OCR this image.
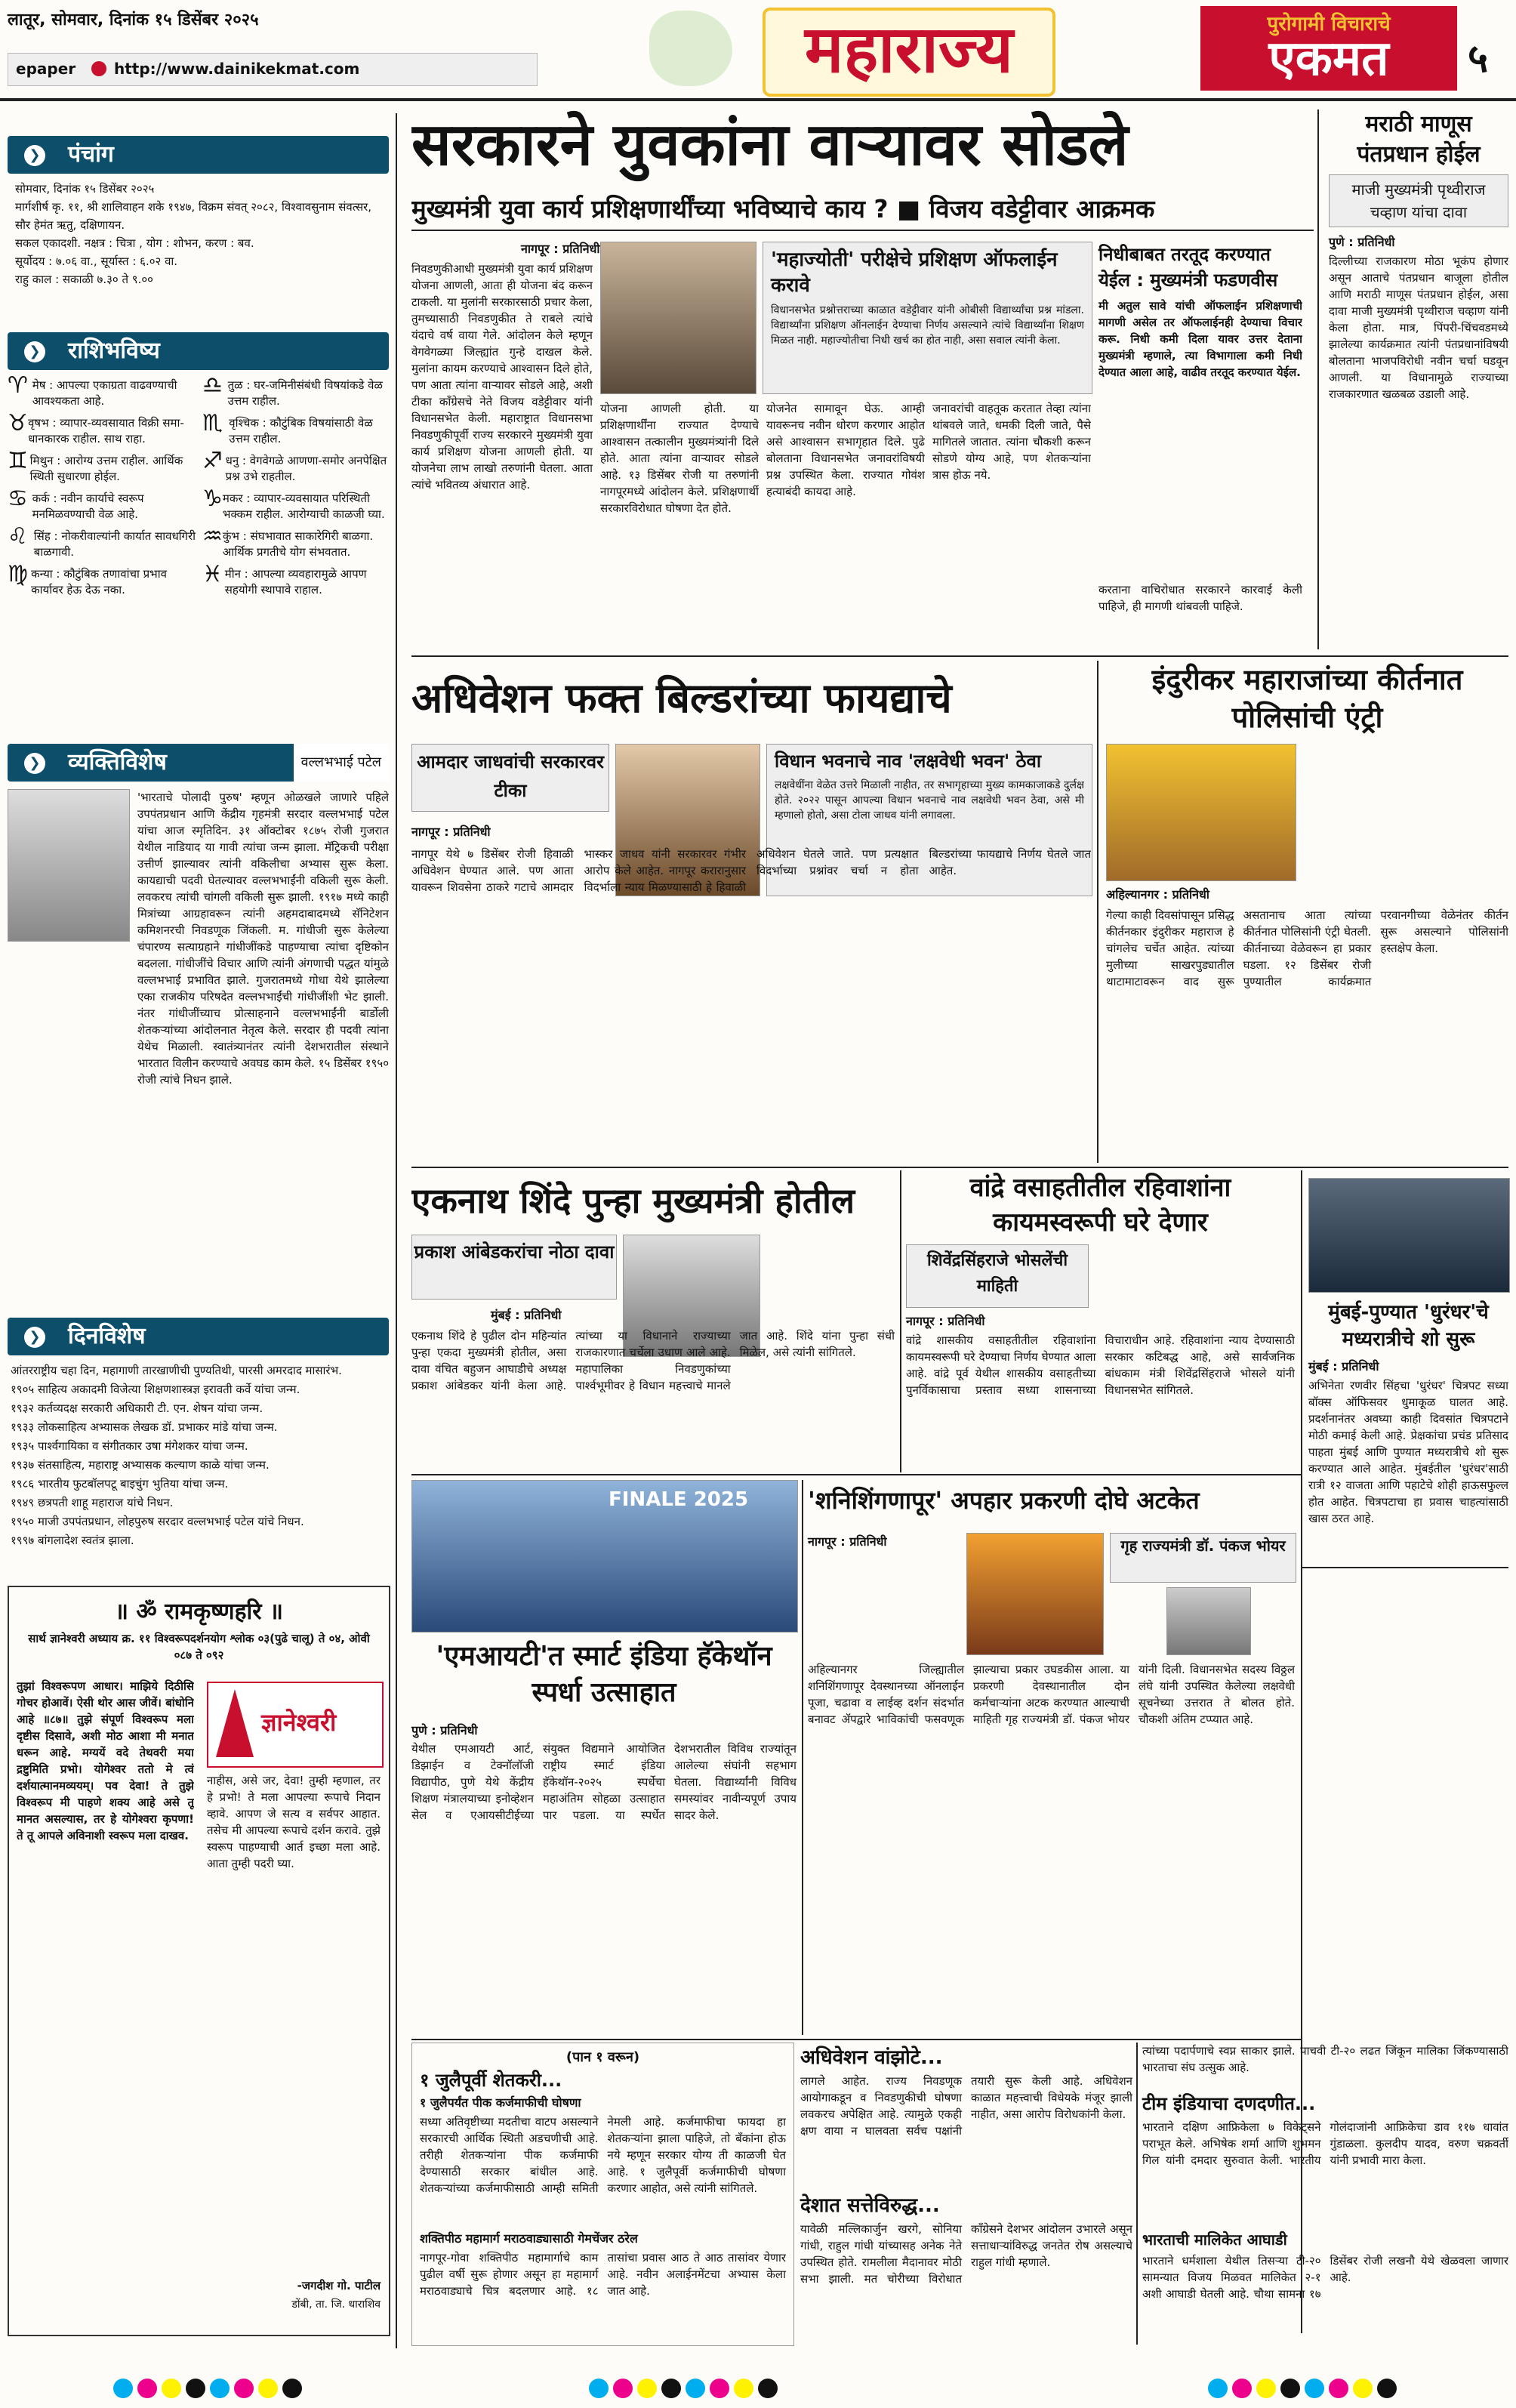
लातूर, सोमवार, दिनांक १५ डिसेंबर २०२५
epaper	http://www.dainikekmat.com	महाराज्य	पुरोगामी विचाराचे
एकमत	५
❯ पंचांग
सोमवार, दिनांक १५ डिसेंबर २०२५
मार्गशीर्ष कृ. ११, श्री शालिवाहन शके १९४७, विक्रम संवत् २०८२, विश्वावसुनाम संवत्सर, सौर हेमंत ऋतु, दक्षिणायन.
सकल एकादशी. नक्षत्र : चित्रा , योग : शोभन, करण : बव.
सूर्योदय : ७.०६ वा., सूर्यास्त : ६.०२ वा.
राहु काल : सकाळी ७.३० ते ९.००
❯ राशिभविष्य
♈ मेष : आपल्या एकाग्रता वाढवण्याची आवश्यकता आहे.
♉ वृषभ : व्यापार-व्यवसायात विक्री समा-धानकारक राहील. साथ राहा.
♊ मिथुन : आरोग्य उत्तम राहील. आर्थिक स्थिती सुधारणा होईल.
♋ कर्क : नवीन कार्याचे स्वरूप मनमिळवण्याची वेळ आहे.
♌ सिंह : नोकरीवाल्यांनी कार्यात सावधगिरी बाळगावी.
♍ कन्या : कौटुंबिक तणावांचा प्रभाव कार्यावर हेऊ देऊ नका.
♎ तुळ : घर-जमिनीसंबंधी विषयांकडे वेळ उत्तम राहील.
♏ वृश्चिक : कौटुंबिक विषयांसाठी वेळ उत्तम राहील.
♐ धनु : वेगवेगळे आणणा-समोर अनपेक्षित प्रश्न उभे राहतील.
♑ मकर : व्यापार-व्यवसायात परिस्थिती भक्कम राहील. आरोग्याची काळजी घ्या.
♒ कुंभ : संघभावात साकारेगिरी बाळगा. आर्थिक प्रगतीचे योग संभवतात.
♓ मीन : आपल्या व्यवहारामुळे आपण सहयोगी स्थापावे राहाल.
❯ व्यक्तिविशेष	वल्लभभाई पटेल
'भारताचे पोलादी पुरुष' म्हणून ओळखले जाणारे पहिले उपपंतप्रधान आणि केंद्रीय गृहमंत्री सरदार वल्लभभाई पटेल यांचा आज स्मृतिदिन. ३१ ऑक्टोबर १८७५ रोजी गुजरात येथील नाडियाद या गावी त्यांचा जन्म झाला. मॅट्रिकची परीक्षा उत्तीर्ण झाल्यावर त्यांनी वकिलीचा अभ्यास सुरू केला. कायद्याची पदवी घेतल्यावर वल्लभभाईंनी वकिली सुरू केली. लवकरच त्यांची चांगली वकिली सुरू झाली. १९१७ मध्ये काही मित्रांच्या आग्रहावरून त्यांनी अहमदाबादमध्ये सॅनिटेशन कमिशनरची निवडणूक जिंकली. म. गांधीजी सुरू केलेल्या चंपारण्य सत्याग्रहाने गांधीजींकडे पाहण्याचा त्यांचा दृष्टिकोन बदलला. गांधीजींचे विचार आणि त्यांनी अंगणाची पद्धत यांमुळे वल्लभभाई प्रभावित झाले. गुजरातमध्ये गोधा येथे झालेल्या एका राजकीय परिषदेत वल्लभभाईंची गांधीजींशी भेट झाली. नंतर गांधीजींच्याच प्रोत्साहनाने वल्लभभाईंनी बार्डोली शेतकऱ्यांच्या आंदोलनात नेतृत्व केले. सरदार ही पदवी त्यांना येथेच मिळाली. स्वातंत्र्यानंतर त्यांनी देशभरातील संस्थाने भारतात विलीन करण्याचे अवघड काम केले. १५ डिसेंबर १९५० रोजी त्यांचे निधन झाले.
❯ दिनविशेष
आंतरराष्ट्रीय चहा दिन, महागाणी तारखाणीची पुण्यतिथी, पारसी अमरदाद मासारंभ.
१९०५ साहित्य अकादमी विजेत्या शिक्षणशास्त्रज्ञ इरावती कर्वे यांचा जन्म.
१९३२ कर्तव्यदक्ष सरकारी अधिकारी टी. एन. शेषन यांचा जन्म.
१९३३ लोकसाहित्य अभ्यासक लेखक डॉ. प्रभाकर मांडे यांचा जन्म.
१९३५ पार्श्वगायिका व संगीतकार उषा मंगेशकर यांचा जन्म.
१९३७ संतसाहित्य, महाराष्ट्र अभ्यासक कल्याण काळे यांचा जन्म.
१९८६ भारतीय फुटबॉलपटू बाइचुंग भुतिया यांचा जन्म.
१९४९ छत्रपती शाहू महाराज यांचे निधन.
१९५० माजी उपपंतप्रधान, लोहपुरुष सरदार वल्लभभाई पटेल यांचे निधन.
१९९७ बांगलादेश स्वतंत्र झाला.
॥ ॐ रामकृष्णहरि ॥
सार्थ ज्ञानेश्वरी अध्याय क्र. ११ विश्वरूपदर्शनयोग श्लोक ०३(पुढे चालू) ते ०४, ओवी ०८७ ते ०९२
तुझां विश्वरूपण आधार। माझिये दिठीसि गोचर होआवें। ऐसी थोर आस जीवें। बांधोनि आहे ॥८७॥ तुझे संपूर्ण विश्वरूप मला दृष्टीस दिसावे, अशी मोठ आशा मी मनात धरून आहे. मग्ययें वदे तेथवरी मया द्रष्टुमिति प्रभो। योगेश्वर ततो मे त्वं दर्शयात्मानमव्ययम्। पव देवा! ते तुझे विश्वरूप मी पाहणे शक्य आहे असे तू मानत असल्यास, तर हे योगेश्वरा कृपणा! ते तू आपले अविनाशी स्वरूप मला दाखव.
ज्ञानेश्वरी
नाहीस, असे जर, देवा! तुम्ही म्हणाल, तर हे प्रभो! ते मला आपल्या रूपाचे निदान व्हावे. आपण जे सत्य व सर्वपर आहात. तसेच मी आपल्या रूपाचे दर्शन करावे. तुझे स्वरूप पाहण्याची आर्त इच्छा मला आहे. आता तुम्ही पदरी घ्या.
-जगदीश गो. पाटील
डोंबी, ता. जि. धाराशिव
सरकारने युवकांना वाऱ्यावर सोडले
मुख्यमंत्री युवा कार्य प्रशिक्षणार्थींच्या भविष्याचे काय ? ■ विजय वडेट्टीवार आक्रमक
नागपूर : प्रतिनिधी
निवडणुकीआधी मुख्यमंत्री युवा कार्य प्रशिक्षण योजना आणली, आता ही योजना बंद करून टाकली. या मुलांनी सरकारसाठी प्रचार केला, तुमच्यासाठी निवडणुकीत ते राबले त्यांचे यंदाचे वर्ष वाया गेले. आंदोलन केले म्हणून वेगवेगळ्या जिल्ह्यांत गुन्हे दाखल केले. मुलांना कायम करण्याचे आश्वासन दिले होते, पण आता त्यांना वाऱ्यावर सोडले आहे, अशी टीका काँग्रेसचे नेते विजय वडेट्टीवार यांनी विधानसभेत केली. महाराष्ट्रात विधानसभा निवडणुकीपूर्वी राज्य सरकारने मुख्यमंत्री युवा कार्य प्रशिक्षण योजना आणली होती. या योजनेचा लाभ लाखो तरुणांनी घेतला. आता त्यांचे भवितव्य अंधारात आहे.
'महाज्योती' परीक्षेचे प्रशिक्षण ऑफलाईन करावे
विधानसभेत प्रश्नोत्तराच्या काळात वडेट्टीवार यांनी ओबीसी विद्यार्थ्यांचा प्रश्न मांडला. विद्यार्थ्यांना प्रशिक्षण ऑनलाईन देण्याचा निर्णय असल्याने त्यांचे विद्यार्थ्यांना शिक्षण मिळत नाही. महाज्योतीचा निधी खर्च का होत नाही, असा सवाल त्यांनी केला.
योजना आणली होती. या प्रशिक्षणार्थींना राज्यात देण्याचे आश्वासन तत्कालीन मुख्यमंत्र्यांनी दिले होते. आता त्यांना वाऱ्यावर सोडले आहे. १३ डिसेंबर रोजी या तरुणांनी नागपूरमध्ये आंदोलन केले. प्रशिक्षणार्थी सरकारविरोधात घोषणा देत होते.
योजनेत सामावून घेऊ. आम्ही यावरूनच नवीन धोरण करणार आहोत असे आश्वासन सभागृहात दिले. पुढे बोलताना विधानसभेत जनावरांविषयी प्रश्न उपस्थित केला. राज्यात गोवंश हत्याबंदी कायदा आहे.
जनावरांची वाहतूक करतात तेव्हा त्यांना थांबवले जाते, धमकी दिली जाते, पैसे मागितले जातात. त्यांना चौकशी करून सोडणे योग्य आहे, पण शेतकऱ्यांना त्रास होऊ नये.
निधीबाबत तरतूद करण्यात येईल : मुख्यमंत्री फडणवीस
मी अतुल सावे यांची ऑफलाईन प्रशिक्षणाची मागणी असेल तर ऑफलाईनही देण्याचा विचार करू. निधी कमी दिला यावर उत्तर देताना मुख्यमंत्री म्हणाले, त्या विभागाला कमी निधी देण्यात आला आहे, वाढीव तरतूद करण्यात येईल.
करताना वाचिरोधात सरकारने कारवाई केली पाहिजे, ही मागणी थांबवली पाहिजे.
मराठी माणूस पंतप्रधान होईल
माजी मुख्यमंत्री पृथ्वीराज चव्हाण यांचा दावा
पुणे : प्रतिनिधी
दिल्लीच्या राजकारण मोठा भूकंप होणार असून आताचे पंतप्रधान बाजूला होतील आणि मराठी माणूस पंतप्रधान होईल, असा दावा माजी मुख्यमंत्री पृथ्वीराज चव्हाण यांनी केला होता. मात्र, पिंपरी-चिंचवडमध्ये झालेल्या कार्यक्रमात त्यांनी पंतप्रधानांविषयी बोलताना भाजपविरोधी नवीन चर्चा घडवून आणली. या विधानामुळे राज्याच्या राजकारणात खळबळ उडाली आहे.
अधिवेशन फक्त बिल्डरांच्या फायद्याचे
आमदार जाधवांची सरकारवर टीका
विधान भवनाचे नाव 'लक्षवेधी भवन' ठेवा
लक्षवेधींना वेळेत उत्तरे मिळाली नाहीत, तर सभागृहाच्या मुख्य कामकाजाकडे दुर्लक्ष होते. २०२२ पासून आपल्या विधान भवनाचे नाव लक्षवेधी भवन ठेवा, असे मी म्हणालो होतो, असा टोला जाधव यांनी लगावला.
नागपूर : प्रतिनिधी
नागपूर येथे ७ डिसेंबर रोजी हिवाळी अधिवेशन घेण्यात आले. पण आता यावरून शिवसेना ठाकरे गटाचे आमदार भास्कर जाधव यांनी सरकारवर गंभीर आरोप केले आहेत. नागपूर करारानुसार विदर्भाला न्याय मिळण्यासाठी हे हिवाळी अधिवेशन घेतले जाते. पण प्रत्यक्षात विदर्भाच्या प्रश्नांवर चर्चा न होता बिल्डरांच्या फायद्याचे निर्णय घेतले जात आहेत.
इंदुरीकर महाराजांच्या कीर्तनात पोलिसांची एंट्री
अहिल्यानगर : प्रतिनिधी
गेल्या काही दिवसांपासून प्रसिद्ध कीर्तनकार इंदुरीकर महाराज हे चांगलेच चर्चेत आहेत. त्यांच्या मुलीच्या साखरपुड्यातील थाटामाटावरून वाद सुरू असतानाच आता त्यांच्या कीर्तनात पोलिसांनी एंट्री घेतली. कीर्तनाच्या वेळेवरून हा प्रकार घडला. १२ डिसेंबर रोजी पुण्यातील कार्यक्रमात परवानगीच्या वेळेनंतर कीर्तन सुरू असल्याने पोलिसांनी हस्तक्षेप केला.
एकनाथ शिंदे पुन्हा मुख्यमंत्री होतील
प्रकाश आंबेडकरांचा नोठा दावा
मुंबई : प्रतिनिधी
एकनाथ शिंदे हे पुढील दोन महिन्यांत पुन्हा एकदा मुख्यमंत्री होतील, असा दावा वंचित बहुजन आघाडीचे अध्यक्ष प्रकाश आंबेडकर यांनी केला आहे. त्यांच्या या विधानाने राज्याच्या राजकारणात चर्चेला उधाण आले आहे. महापालिका निवडणुकांच्या पार्श्वभूमीवर हे विधान महत्त्वाचे मानले जात आहे. शिंदे यांना पुन्हा संधी मिळेल, असे त्यांनी सांगितले.
वांद्रे वसाहतीतील रहिवाशांना कायमस्वरूपी घरे देणार
शिवेंद्रसिंहराजे भोसलेंची माहिती
नागपूर : प्रतिनिधी
वांद्रे शासकीय वसाहतीतील रहिवाशांना कायमस्वरूपी घरे देण्याचा निर्णय घेण्यात आला आहे. वांद्रे पूर्व येथील शासकीय वसाहतीच्या पुनर्विकासाचा प्रस्ताव सध्या शासनाच्या विचाराधीन आहे. रहिवाशांना न्याय देण्यासाठी सरकार कटिबद्ध आहे, असे सार्वजनिक बांधकाम मंत्री शिवेंद्रसिंहराजे भोसले यांनी विधानसभेत सांगितले.
मुंबई-पुण्यात 'धुरंधर'चे मध्यरात्रीचे शो सुरू
मुंबई : प्रतिनिधी
अभिनेता रणवीर सिंहचा 'धुरंधर' चित्रपट सध्या बॉक्स ऑफिसवर धुमाकूळ घालत आहे. प्रदर्शनानंतर अवघ्या काही दिवसांत चित्रपटाने मोठी कमाई केली आहे. प्रेक्षकांचा प्रचंड प्रतिसाद पाहता मुंबई आणि पुण्यात मध्यरात्रीचे शो सुरू करण्यात आले आहेत. मुंबईतील 'धुरंधर'साठी रात्री १२ वाजता आणि पहाटेचे शोही हाऊसफुल्ल होत आहेत. चित्रपटाचा हा प्रवास चाहत्यांसाठी खास ठरत आहे.
FINALE 2025
'एमआयटी'त स्मार्ट इंडिया हॅकेथॉन स्पर्धा उत्साहात
पुणे : प्रतिनिधी
येथील एमआयटी आर्ट, डिझाईन व टेक्नॉलॉजी विद्यापीठ, पुणे येथे केंद्रीय शिक्षण मंत्रालयाच्या इनोव्हेशन सेल व एआयसीटीईच्या संयुक्त विद्यमाने आयोजित राष्ट्रीय स्मार्ट इंडिया हॅकेथॉन-२०२५ स्पर्धेचा महाअंतिम सोहळा उत्साहात पार पडला. या स्पर्धेत देशभरातील विविध राज्यांतून आलेल्या संघांनी सहभाग घेतला. विद्यार्थ्यांनी विविध समस्यांवर नावीन्यपूर्ण उपाय सादर केले.
'शनिशिंगणापूर' अपहार प्रकरणी दोघे अटकेत
नागपूर : प्रतिनिधी	गृह राज्यमंत्री डॉ. पंकज भोयर
अहिल्यानगर जिल्ह्यातील शनिशिंगणापूर देवस्थानच्या ऑनलाईन पूजा, चढावा व लाईव्ह दर्शन संदर्भात बनावट ॲपद्वारे भाविकांची फसवणूक झाल्याचा प्रकार उघडकीस आला. या प्रकरणी देवस्थानातील दोन कर्मचाऱ्यांना अटक करण्यात आल्याची माहिती गृह राज्यमंत्री डॉ. पंकज भोयर यांनी दिली. विधानसभेत सदस्य विठ्ठल लंघे यांनी उपस्थित केलेल्या लक्षवेधी सूचनेच्या उत्तरात ते बोलत होते. चौकशी अंतिम टप्प्यात आहे.
(पान १ वरून)
१ जुलैपूर्वी शेतकरी...
१ जुलैपर्यंत पीक कर्जमाफीची घोषणा
सध्या अतिवृष्टीच्या मदतीचा वाटप असल्याने सरकारची आर्थिक स्थिती अडचणीची आहे. तरीही शेतकऱ्यांना पीक कर्जमाफी देण्यासाठी सरकार बांधील आहे. शेतकऱ्यांच्या कर्जमाफीसाठी आम्ही समिती नेमली आहे. कर्जमाफीचा फायदा हा शेतकऱ्यांना झाला पाहिजे, तो बँकांना होऊ नये म्हणून सरकार योग्य ती काळजी घेत आहे. १ जुलैपूर्वी कर्जमाफीची घोषणा करणार आहोत, असे त्यांनी सांगितले.
शक्तिपीठ महामार्ग मराठवाड्यासाठी गेमचेंजर ठरेल
नागपूर-गोवा शक्तिपीठ महामार्गाचे काम पुढील वर्षी सुरू होणार असून हा महामार्ग मराठवाड्याचे चित्र बदलणार आहे. १८ तासांचा प्रवास आठ ते आठ तासांवर येणार आहे. नवीन अलाईनमेंटचा अभ्यास केला जात आहे.
अधिवेशन वांझोटे...
लागले आहेत. राज्य निवडणूक आयोगाकडून व निवडणुकीची घोषणा लवकरच अपेक्षित आहे. त्यामुळे एकही क्षण वाया न घालवता सर्वच पक्षांनी तयारी सुरू केली आहे. अधिवेशन काळात महत्त्वाची विधेयके मंजूर झाली नाहीत, असा आरोप विरोधकांनी केला.
देशात सत्तेविरुद्ध...
यावेळी मल्लिकार्जुन खरगे, सोनिया गांधी, राहुल गांधी यांच्यासह अनेक नेते उपस्थित होते. रामलीला मैदानावर मोठी सभा झाली. मत चोरीच्या विरोधात काँग्रेसने देशभर आंदोलन उभारले असून सत्ताधाऱ्यांविरुद्ध जनतेत रोष असल्याचे राहुल गांधी म्हणाले.
त्यांच्या पदार्पणाचे स्वप्न साकार झाले. पाचवी टी-२० लढत जिंकून मालिका जिंकण्यासाठी भारताचा संघ उत्सुक आहे.
टीम इंडियाचा दणदणीत...
भारताने दक्षिण आफ्रिकेला ७ विकेट्सने पराभूत केले. अभिषेक शर्मा आणि शुभमन गिल यांनी दमदार सुरुवात केली. भारतीय गोलंदाजांनी आफ्रिकेचा डाव ११७ धावांत गुंडाळला. कुलदीप यादव, वरुण चक्रवर्ती यांनी प्रभावी मारा केला.
भारताची मालिकेत आघाडी
भारताने धर्मशाला येथील तिसऱ्या टी-२० सामन्यात विजय मिळवत मालिकेत २-१ अशी आघाडी घेतली आहे. चौथा सामना १७ डिसेंबर रोजी लखनौ येथे खेळवला जाणार आहे.
